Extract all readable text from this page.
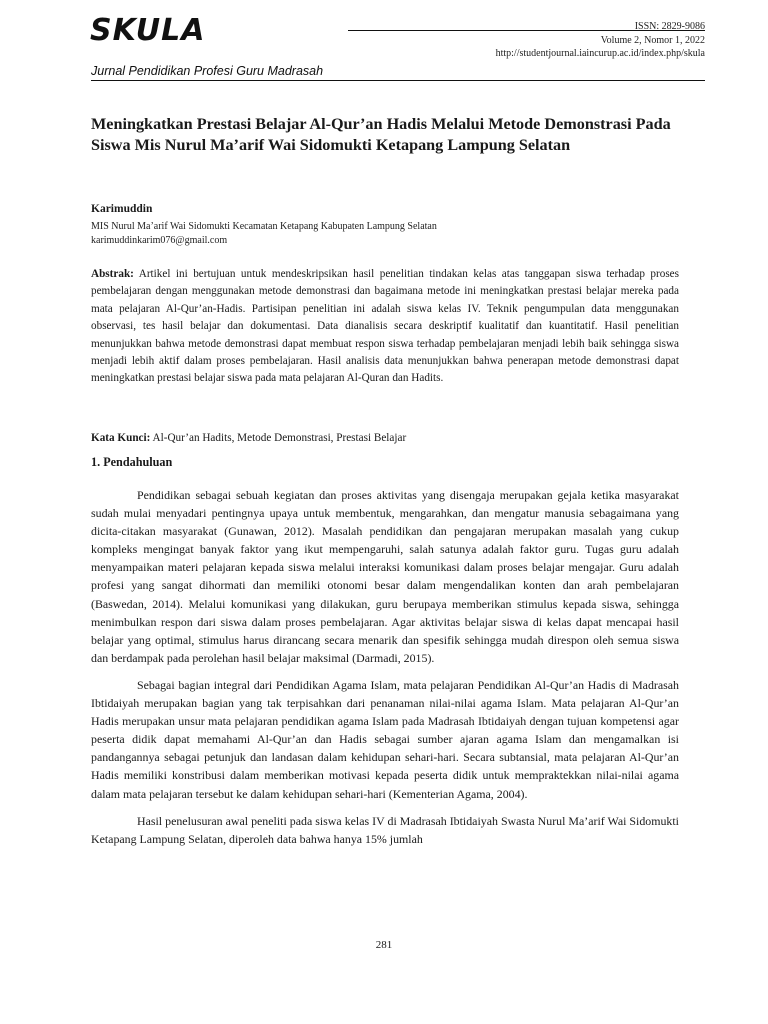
SKULA
Jurnal Pendidikan Profesi Guru Madrasah
ISSN: 2829-9086
Volume 2, Nomor 1, 2022
http://studentjournal.iaincurup.ac.id/index.php/skula
Meningkatkan Prestasi Belajar Al-Qur’an Hadis Melalui Metode Demonstrasi Pada Siswa Mis Nurul Ma’arif Wai Sidomukti Ketapang Lampung Selatan
Karimuddin
MIS Nurul Ma’arif Wai Sidomukti Kecamatan Ketapang Kabupaten Lampung Selatan
karimuddinkarim076@gmail.com

Abstrak: Artikel ini bertujuan untuk mendeskripsikan hasil penelitian tindakan kelas atas tanggapan siswa terhadap proses pembelajaran dengan menggunakan metode demonstrasi dan bagaimana metode ini meningkatkan prestasi belajar mereka pada mata pelajaran Al-Qur’an-Hadis. Partisipan penelitian ini adalah siswa kelas IV. Teknik pengumpulan data menggunakan observasi, tes hasil belajar dan dokumentasi. Data dianalisis secara deskriptif kualitatif dan kuantitatif. Hasil penelitian menunjukkan bahwa metode demonstrasi dapat membuat respon siswa terhadap pembelajaran menjadi lebih baik sehingga siswa menjadi lebih aktif dalam proses pembelajaran. Hasil analisis data menunjukkan bahwa penerapan metode demonstrasi dapat meningkatkan prestasi belajar siswa pada mata pelajaran Al-Quran dan Hadits.

Kata Kunci: Al-Qur’an Hadits, Metode Demonstrasi, Prestasi Belajar
1. Pendahuluan

Pendidikan sebagai sebuah kegiatan dan proses aktivitas yang disengaja merupakan gejala ketika masyarakat sudah mulai menyadari pentingnya upaya untuk membentuk, mengarahkan, dan mengatur manusia sebagaimana yang dicita-citakan masyarakat (Gunawan, 2012). Masalah pendidikan dan pengajaran merupakan masalah yang cukup kompleks mengingat banyak faktor yang ikut mempengaruhi, salah satunya adalah faktor guru. Tugas guru adalah menyampaikan materi pelajaran kepada siswa melalui interaksi komunikasi dalam proses belajar mengajar. Guru adalah profesi yang sangat dihormati dan memiliki otonomi besar dalam mengendalikan konten dan arah pembelajaran (Baswedan, 2014). Melalui komunikasi yang dilakukan, guru berupaya memberikan stimulus kepada siswa, sehingga menimbulkan respon dari siswa dalam proses pembelajaran. Agar aktivitas belajar siswa di kelas dapat mencapai hasil belajar yang optimal, stimulus harus dirancang secara menarik dan spesifik sehingga mudah direspon oleh semua siswa dan berdampak pada perolehan hasil belajar maksimal (Darmadi, 2015).

Sebagai bagian integral dari Pendidikan Agama Islam, mata pelajaran Pendidikan Al-Qur’an Hadis di Madrasah Ibtidaiyah merupakan bagian yang tak terpisahkan dari penanaman nilai-nilai agama Islam. Mata pelajaran Al-Qur’an Hadis merupakan unsur mata pelajaran pendidikan agama Islam pada Madrasah Ibtidaiyah dengan tujuan kompetensi agar peserta didik dapat memahami Al-Qur’an dan Hadis sebagai sumber ajaran agama Islam dan mengamalkan isi pandangannya sebagai petunjuk dan landasan dalam kehidupan sehari-hari. Secara subtansial, mata pelajaran Al-Qur’an Hadis memiliki konstribusi dalam memberikan motivasi kepada peserta didik untuk mempraktekkan nilai-nilai agama dalam mata pelajaran tersebut ke dalam kehidupan sehari-hari (Kementerian Agama, 2004).

Hasil penelusuran awal peneliti pada siswa kelas IV di Madrasah Ibtidaiyah Swasta Nurul Ma’arif Wai Sidomukti Ketapang Lampung Selatan, diperoleh data bahwa hanya 15% jumlah

281
